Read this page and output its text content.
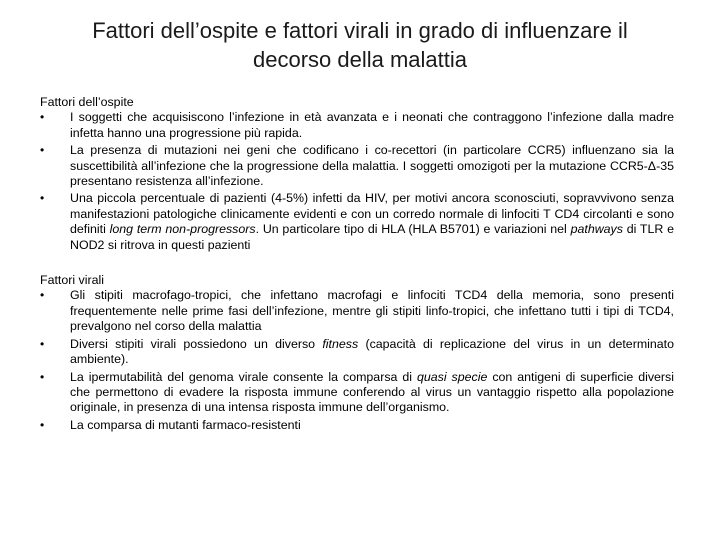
Fattori dell’ospite e fattori virali in grado di influenzare il
decorso della malattia

Fattori dell’ospite

•	I soggetti che acquisiscono l’infezione in età avanzata e i neonati che contraggono l’infezione dalla madre infetta hanno una progressione più rapida.
•	La presenza di mutazioni nei geni che codificano i co-recettori (in particolare CCR5) influenzano sia la suscettibilità all’infezione che la progressione della malattia. I soggetti omozigoti per la mutazione CCR5-Δ-35 presentano resistenza all’infezione.
•	Una piccola percentuale di pazienti (4-5%) infetti da HIV, per motivi ancora sconosciuti, sopravvivono senza manifestazioni patologiche clinicamente evidenti e con un corredo normale di linfociti T CD4 circolanti e sono definiti long term non-progressors. Un particolare tipo di HLA (HLA B5701) e variazioni nel pathways di TLR e NOD2 si ritrova in questi pazienti

Fattori virali

•	Gli stipiti macrofago-tropici, che infettano macrofagi e linfociti TCD4 della memoria, sono presenti frequentemente nelle prime fasi dell’infezione, mentre gli stipiti linfo-tropici, che infettano tutti i tipi di TCD4, prevalgono nel corso della malattia
•	Diversi stipiti virali possiedono un diverso fitness (capacità di replicazione del virus in un determinato ambiente).
•	La ipermutabilità del genoma virale consente la comparsa di quasi specie con antigeni di superficie diversi che permettono di evadere la risposta immune conferendo al virus un vantaggio rispetto alla popolazione originale, in presenza di una intensa risposta immune dell’organismo.
•	La comparsa di mutanti farmaco-resistenti
